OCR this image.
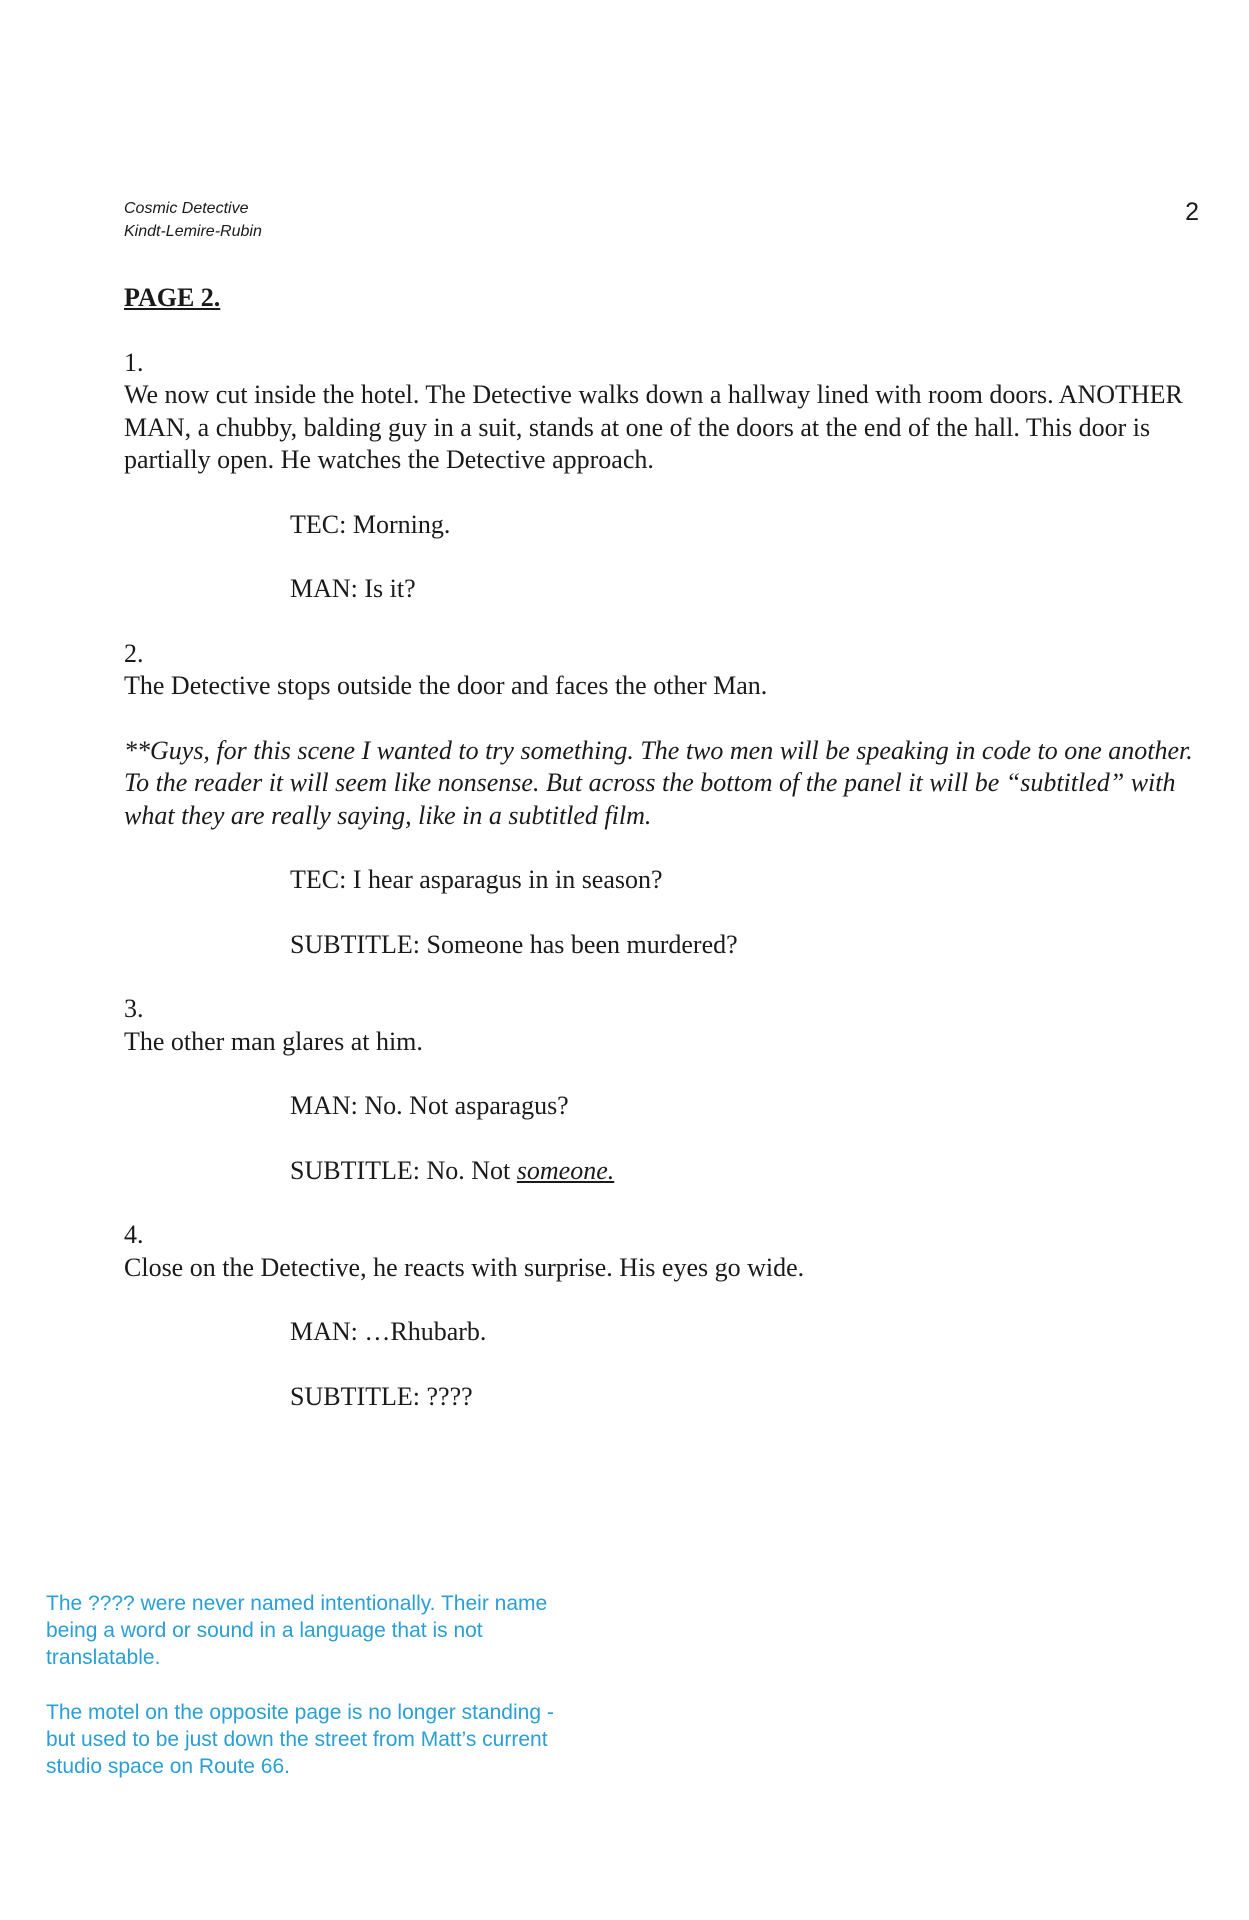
Cosmic Detective
Kindt-Lemire-Rubin
2

PAGE 2.

1.

We now cut inside the hotel. The Detective walks down a hallway lined with room doors. ANOTHER MAN, a chubby, balding guy in a suit, stands at one of the doors at the end of the hall. This door is partially open. He watches the Detective approach.

TEC: Morning.

MAN: Is it?

2.

The Detective stops outside the door and faces the other Man.

**Guys, for this scene I wanted to try something. The two men will be speaking in code to one another. To the reader it will seem like nonsense. But across the bottom of the panel it will be “subtitled” with what they are really saying, like in a subtitled film.

TEC: I hear asparagus in in season?

SUBTITLE: Someone has been murdered?

3.

The other man glares at him.

MAN: No. Not asparagus?

SUBTITLE: No. Not someone.

4.

Close on the Detective, he reacts with surprise. His eyes go wide.

MAN: …Rhubarb.

SUBTITLE: ????

The ???? were never named intentionally. Their name being a word or sound in a language that is not translatable.

The motel on the opposite page is no longer standing - but used to be just down the street from Matt’s current studio space on Route 66.
